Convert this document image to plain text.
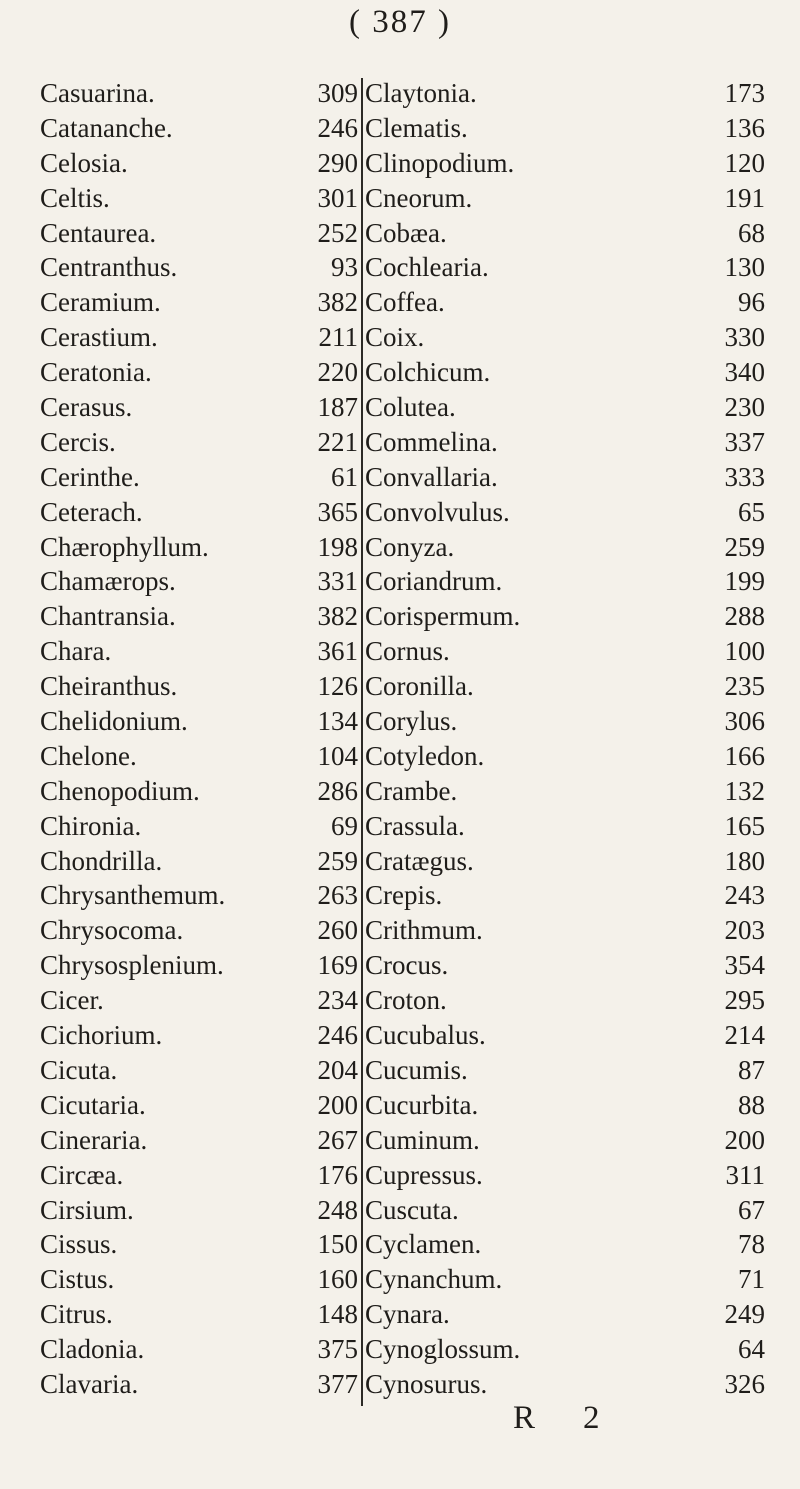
( 387 )
Casuarina.	309
Catananche.	246
Celosia.	290
Celtis.	301
Centaurea.	252
Centranthus.	93
Ceramium.	382
Cerastium.	211
Ceratonia.	220
Cerasus.	187
Cercis.	221
Cerinthe.	61
Ceterach.	365
Chærophyllum.	198
Chamærops.	331
Chantransia.	382
Chara.	361
Cheiranthus.	126
Chelidonium.	134
Chelone.	104
Chenopodium.	286
Chironia.	69
Chondrilla.	259
Chrysanthemum.	263
Chrysocoma.	260
Chrysosplenium.	169
Cicer.	234
Cichorium.	246
Cicuta.	204
Cicutaria.	200
Cineraria.	267
Circæa.	176
Cirsium.	248
Cissus.	150
Cistus.	160
Citrus.	148
Cladonia.	375
Clavaria.	377
Claytonia.	173
Clematis.	136
Clinopodium.	120
Cneorum.	191
Cobæa.	68
Cochlearia.	130
Coffea.	96
Coix.	330
Colchicum.	340
Colutea.	230
Commelina.	337
Convallaria.	333
Convolvulus.	65
Conyza.	259
Coriandrum.	199
Corispermum.	288
Cornus.	100
Coronilla.	235
Corylus.	306
Cotyledon.	166
Crambe.	132
Crassula.	165
Cratægus.	180
Crepis.	243
Crithmum.	203
Crocus.	354
Croton.	295
Cucubalus.	214
Cucumis.	87
Cucurbita.	88
Cuminum.	200
Cupressus.	311
Cuscuta.	67
Cyclamen.	78
Cynanchum.	71
Cynara.	249
Cynoglossum.	64
Cynosurus.	326
R 2
